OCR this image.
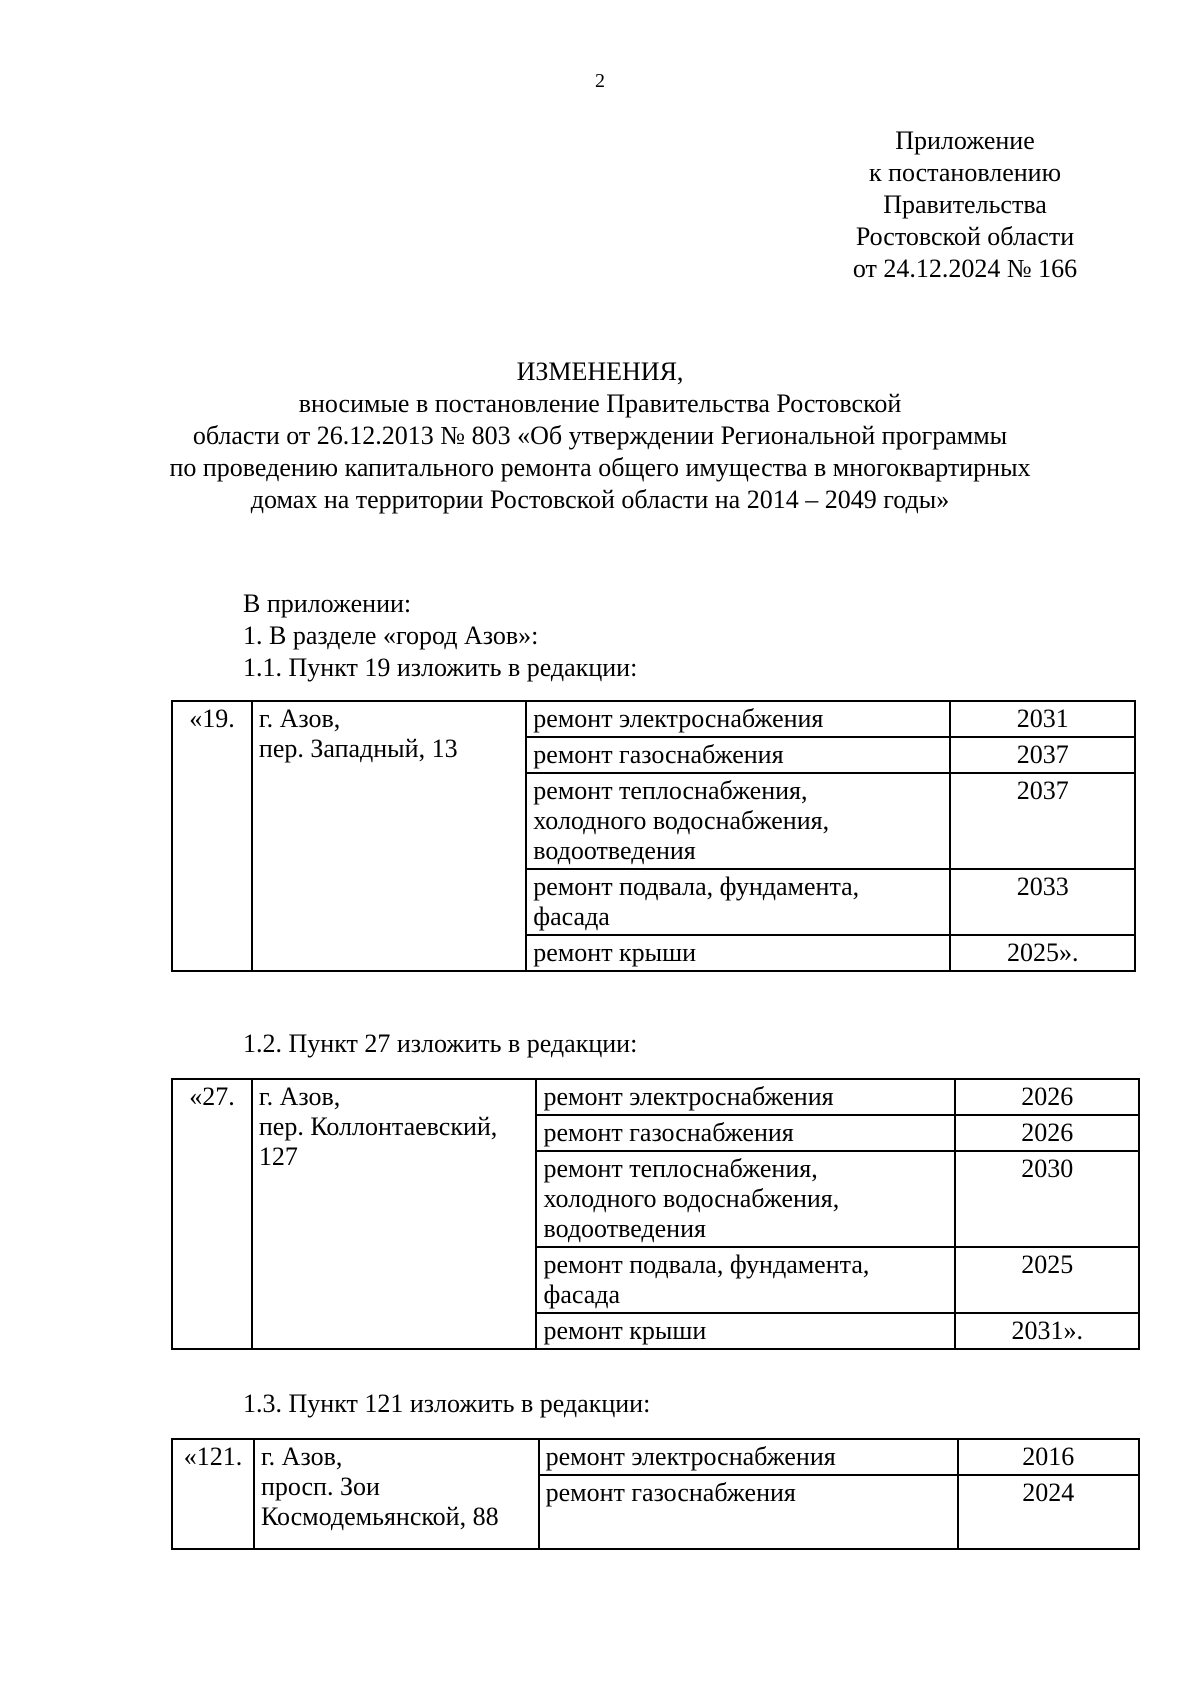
2
Приложение
к постановлению
Правительства
Ростовской области
от 24.12.2024 № 166
ИЗМЕНЕНИЯ,
вносимые в постановление Правительства Ростовской
области от 26.12.2013 № 803 «Об утверждении Региональной программы
по проведению капитального ремонта общего имущества в многоквартирных
домах на территории Ростовской области на 2014 – 2049 годы»
В приложении:
1. В разделе «город Азов»:
1.1. Пункт 19 изложить в редакции:
«19.	г. Азов,
пер. Западный, 13	ремонт электроснабжения	2031
		ремонт газоснабжения	2037
		ремонт теплоснабжения,
холодного водоснабжения,
водоотведения	2037
		ремонт подвала, фундамента,
фасада	2033
		ремонт крыши	2025».
1.2. Пункт 27 изложить в редакции:
«27.	г. Азов,
пер. Коллонтаевский,
127	ремонт электроснабжения	2026
		ремонт газоснабжения	2026
		ремонт теплоснабжения,
холодного водоснабжения,
водоотведения	2030
		ремонт подвала, фундамента,
фасада	2025
		ремонт крыши	2031».
1.3. Пункт 121 изложить в редакции:
«121.	г. Азов,
просп. Зои
Космодемьянской, 88	ремонт электроснабжения	2016
		ремонт газоснабжения	2024
